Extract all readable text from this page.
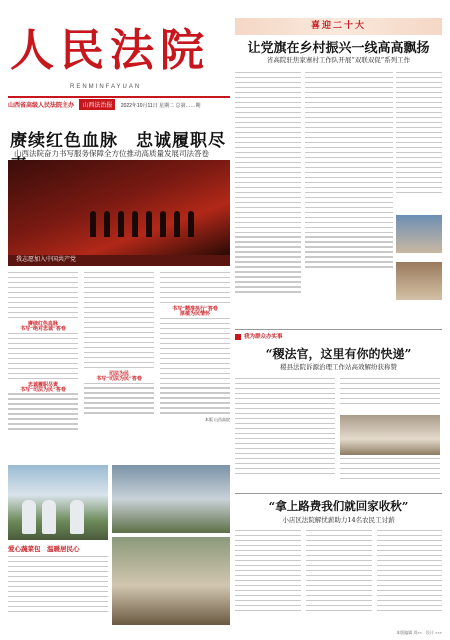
人民法院
RENMINFAYUAN
山西省高级人民法院主办 山西法治报 2022年10月11日 星期二 总第……期
赓续红色血脉　忠诚履职尽
山西法院奋力书写服务保障全方位推动高质量发展司法答卷
我志愿加入中国共产党
赓续红色血脉
书写“绝对忠诚”答卷
忠诚履职尽责
书写“司法为民”答卷
司法为民
书写“司法为民”答卷
书写“精准执行”答卷
厚植为民情怀
本版 山西高院
爱心蔬菜包　温暖居民心
喜迎二十大
让党旗在乡村振兴一线高高飘扬
省高院驻焦家寨村工作队开展“双联双促”系列工作
我为群众办实事
“稷法官，这里有你的快递”
稷县法院诉源治理工作站高效解纷获称赞
“拿上路费我们就回家收秋”
小店区法院解忧薪助力14名农民工讨薪
本版编辑 刘××　设计 ×××
